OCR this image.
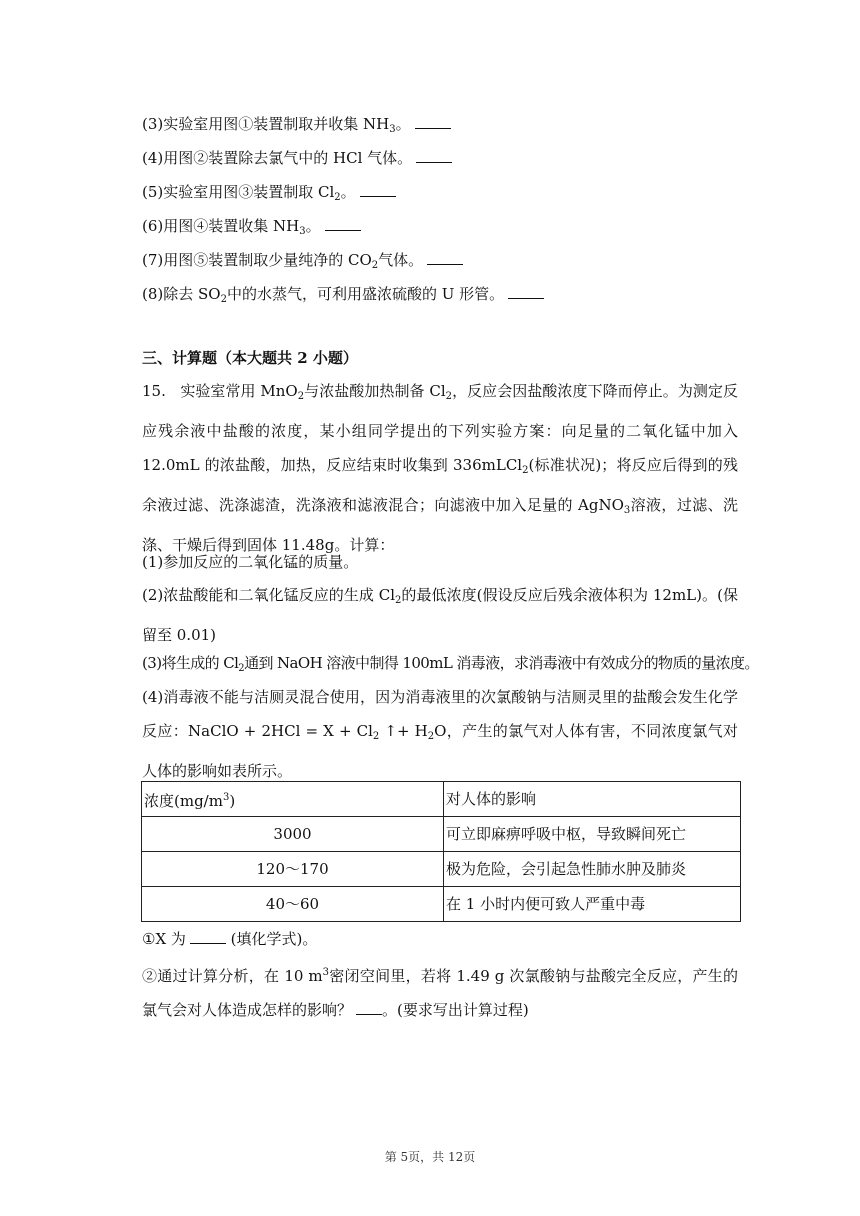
(3)实验室用图①装置制取并收集 $NH_3$。
(4)用图②装置除去氯气中的 HCl 气体。
(5)实验室用图③装置制取 $Cl_2$。
(6)用图④装置收集 $NH_3$。
(7)用图⑤装置制取少量纯净的 $CO_2$气体。
(8)除去 $SO_2$中的水蒸气，可利用盛浓硫酸的 U 形管。
三、计算题（本大题共 2 小题）
15. 实验室常用 MnO$_2$与浓盐酸加热制备 $Cl_2$，反应会因盐酸浓度下降而停止。为测定反应残余液中盐酸的浓度，某小组同学提出的下列实验方案：向足量的二氧化锰中加入 12.0mL 的浓盐酸，加热，反应结束时收集到 336mLCl$_2$(标准状况)；将反应后得到的残余液过滤、洗涤滤渣，洗涤液和滤液混合；向滤液中加入足量的 AgNO$_3$溶液，过滤、洗涤、干燥后得到固体 11.48g。计算：
(1)参加反应的二氧化锰的质量。
(2)浓盐酸能和二氧化锰反应的生成 $Cl_2$的最低浓度(假设反应后残余液体积为 12mL)。(保留至 0.01)
(3)将生成的 $Cl_2$通到 NaOH 溶液中制得 100mL 消毒液，求消毒液中有效成分的物质的量浓度。
(4)消毒液不能与洁厕灵混合使用，因为消毒液里的次氯酸钠与洁厕灵里的盐酸会发生化学反应：NaClO + $2HCl = X + Cl_2$ ↑+ $H_2O$，产生的氯气对人体有害，不同浓度氯气对人体的影响如表所示。
浓度$(mg/m^3)$	对人体的影响
3000	可立即麻痹呼吸中枢，导致瞬间死亡
120～170	极为危险，会引起急性肺水肿及肺炎
40～60	在 1 小时内便可致人严重中毒
①X 为	(填化学式)。
②通过计算分析，在 10 $m^3$密闭空间里，若将 1.49 g 次氯酸钠与盐酸完全反应，产生的氯气会对人体造成怎样的影响？ 。(要求写出计算过程)
第 5页，共 12页
